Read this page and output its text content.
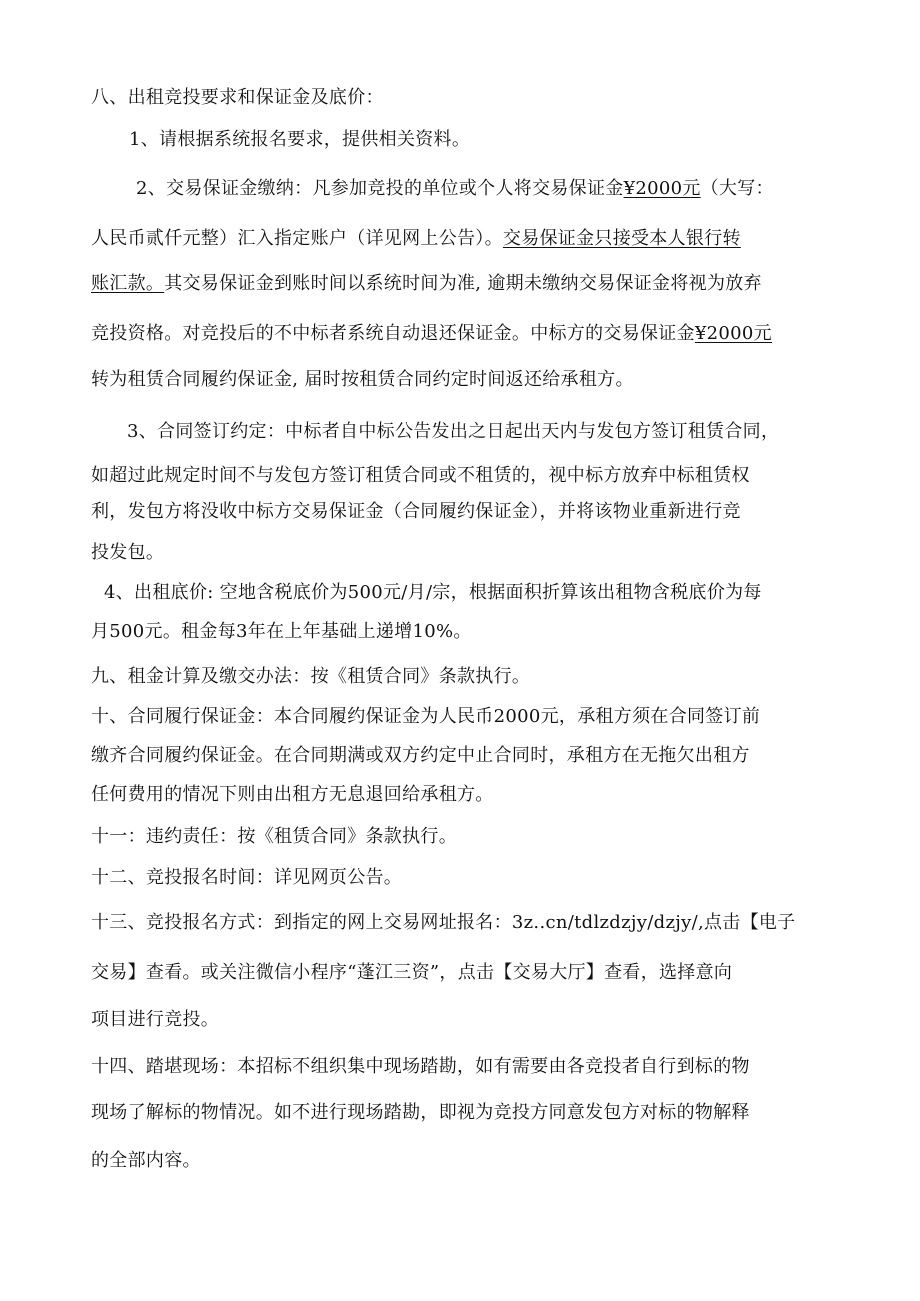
八、出租竞投要求和保证金及底价：
1、请根据系统报名要求，提供相关资料。
2、交易保证金缴纳：凡参加竞投的单位或个人将交易保证金¥2000元（大写：
人民币贰仟元整）汇入指定账户（详见网上公告）。交易保证金只接受本人银行转
账汇款。其交易保证金到账时间以系统时间为准, 逾期未缴纳交易保证金将视为放弃
竞投资格。对竞投后的不中标者系统自动退还保证金。中标方的交易保证金¥2000元
转为租赁合同履约保证金, 届时按租赁合同约定时间返还给承租方。
3、合同签订约定：中标者自中标公告发出之日起出天内与发包方签订租赁合同，
如超过此规定时间不与发包方签订租赁合同或不租赁的，视中标方放弃中标租赁权
利，发包方将没收中标方交易保证金（合同履约保证金），并将该物业重新进行竞
投发包。
4、出租底价: 空地含税底价为500元/月/宗，根据面积折算该出租物含税底价为每
月500元。租金每3年在上年基础上递增10%。
九、租金计算及缴交办法：按《租赁合同》条款执行。
十、合同履行保证金：本合同履约保证金为人民币2000元，承租方须在合同签订前
缴齐合同履约保证金。在合同期满或双方约定中止合同时，承租方在无拖欠出租方
任何费用的情况下则由出租方无息退回给承租方。
十一：违约责任：按《租赁合同》条款执行。
十二、竞投报名时间：详见网页公告。
十三、竞投报名方式：到指定的网上交易网址报名：3z..cn/tdlzdzjy/dzjy/,点击【电子
交易】查看。或关注微信小程序“蓬江三资”，点击【交易大厅】查看，选择意向
项目进行竞投。
十四、踏堪现场：本招标不组织集中现场踏勘，如有需要由各竞投者自行到标的物
现场了解标的物情况。如不进行现场踏勘，即视为竞投方同意发包方对标的物解释
的全部内容。
